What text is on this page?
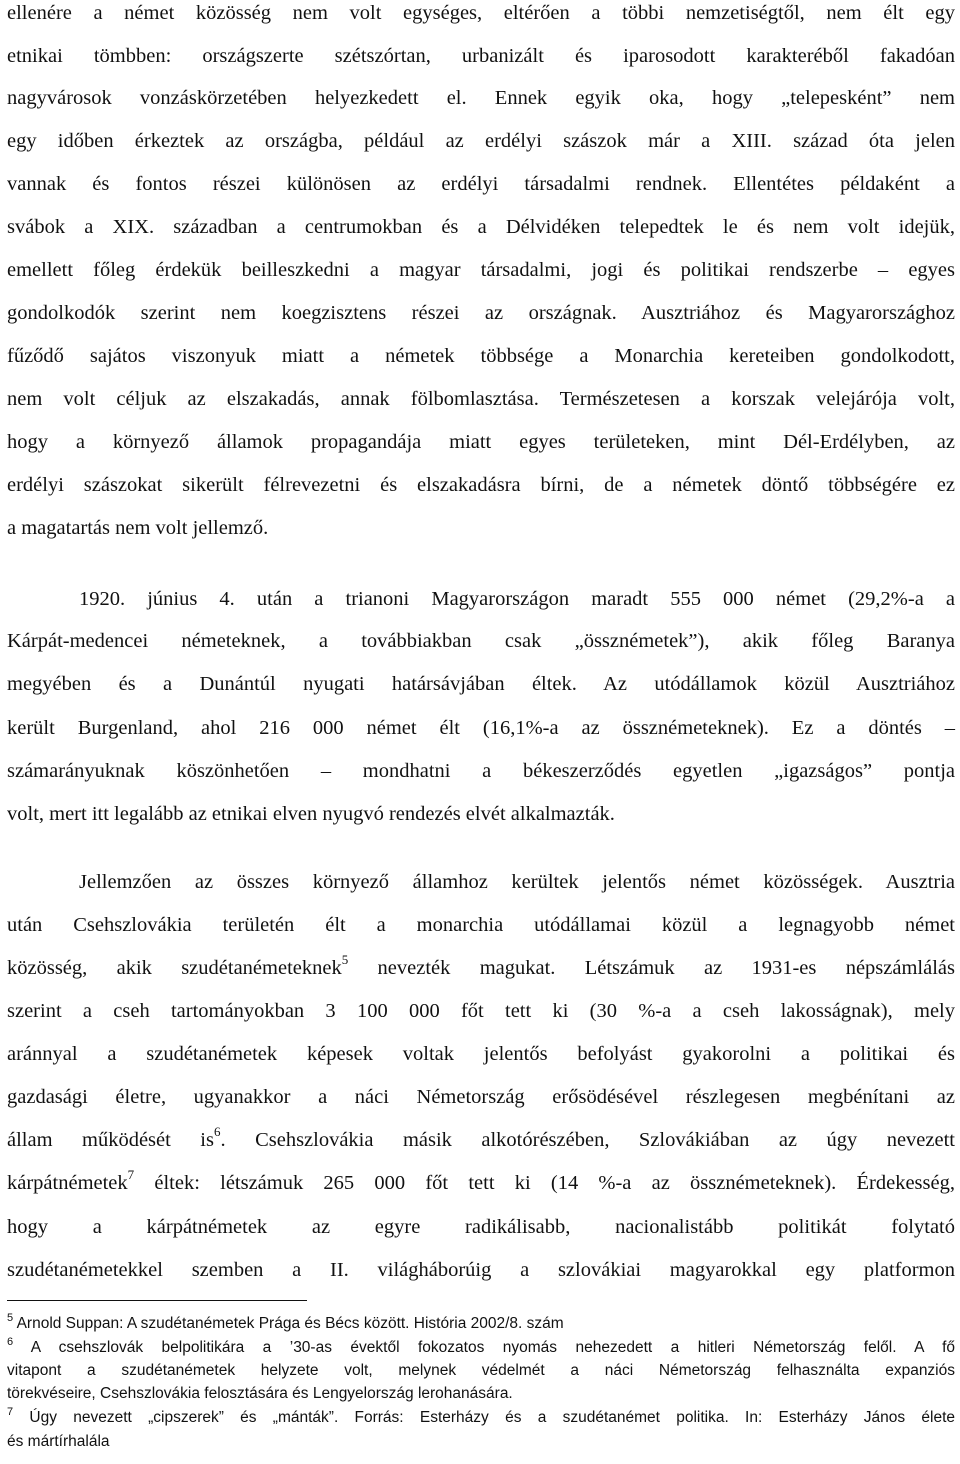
ellenére a német közösség nem volt egységes, eltérően a többi nemzetiségtől, nem élt egy
etnikai tömbben: országszerte szétszórtan, urbanizált és iparosodott karakteréből fakadóan
nagyvárosok vonzáskörzetében helyezkedett el. Ennek egyik oka, hogy „telepesként” nem
egy időben érkeztek az országba, például az erdélyi szászok már a XIII. század óta jelen
vannak és fontos részei különösen az erdélyi társadalmi rendnek. Ellentétes példaként a
svábok a XIX. században a centrumokban és a Délvidéken telepedtek le és nem volt idejük,
emellett főleg érdekük beilleszkedni a magyar társadalmi, jogi és politikai rendszerbe – egyes
gondolkodók szerint nem koegzisztens részei az országnak. Ausztriához és Magyarországhoz
fűződő sajátos viszonyuk miatt a németek többsége a Monarchia kereteiben gondolkodott,
nem volt céljuk az elszakadás, annak fölbomlasztása. Természetesen a korszak velejárója volt,
hogy a környező államok propagandája miatt egyes területeken, mint Dél-Erdélyben, az
erdélyi szászokat sikerült félrevezetni és elszakadásra bírni, de a németek döntő többségére ez
a magatartás nem volt jellemző.
1920. június 4. után a trianoni Magyarországon maradt 555 000 német (29,2%-a a
Kárpát-medencei németeknek, a továbbiakban csak „össznémetek”), akik főleg Baranya
megyében és a Dunántúl nyugati határsávjában éltek. Az utódállamok közül Ausztriához
került Burgenland, ahol 216 000 német élt (16,1%-a az össznémeteknek). Ez a döntés –
számarányuknak köszönhetően – mondhatni a békeszerződés egyetlen „igazságos” pontja
volt, mert itt legalább az etnikai elven nyugvó rendezés elvét alkalmazták.
Jellemzően az összes környező államhoz kerültek jelentős német közösségek. Ausztria
után Csehszlovákia területén élt a monarchia utódállamai közül a legnagyobb német
közösség, akik szudétanémeteknek$^5$ nevezték magukat. Létszámuk az 1931-es népszámlálás
szerint a cseh tartományokban 3 100 000 főt tett ki (30 %-a a cseh lakosságnak), mely
aránnyal a szudétanémetek képesek voltak jelentős befolyást gyakorolni a politikai és
gazdasági életre, ugyanakkor a náci Németország erősödésével részlegesen megbénítani az
állam működését $is^6$. Csehszlovákia másik alkotórészében, Szlovákiában az úgy nevezett
kárpátnémetek$^7$ éltek: létszámuk 265 000 főt tett ki (14 %-a az össznémeteknek). Érdekesség,
hogy a kárpátnémetek az egyre radikálisabb, nacionalistább politikát folytató
szudétanémetekkel szemben a II. világháborúig a szlovákiai magyarokkal egy platformon
$^5$ Arnold Suppan: A szudétanémetek Prága és Bécs között. História 2002/8. szám
$^6$ A csehszlovák belpolitikára a ’30-as évektől fokozatos nyomás nehezedett a hitleri Németország felől. A fő
vitapont a szudétanémetek helyzete volt, melynek védelmét a náci Németország felhasználta expanziós
törekvéseire, Csehszlovákia felosztására és Lengyelország lerohanására.
$^7$ Úgy nevezett „cipszerek” és „mánták”. Forrás: Esterházy és a szudétanémet politika. In: Esterházy János élete
és mártírhalála
